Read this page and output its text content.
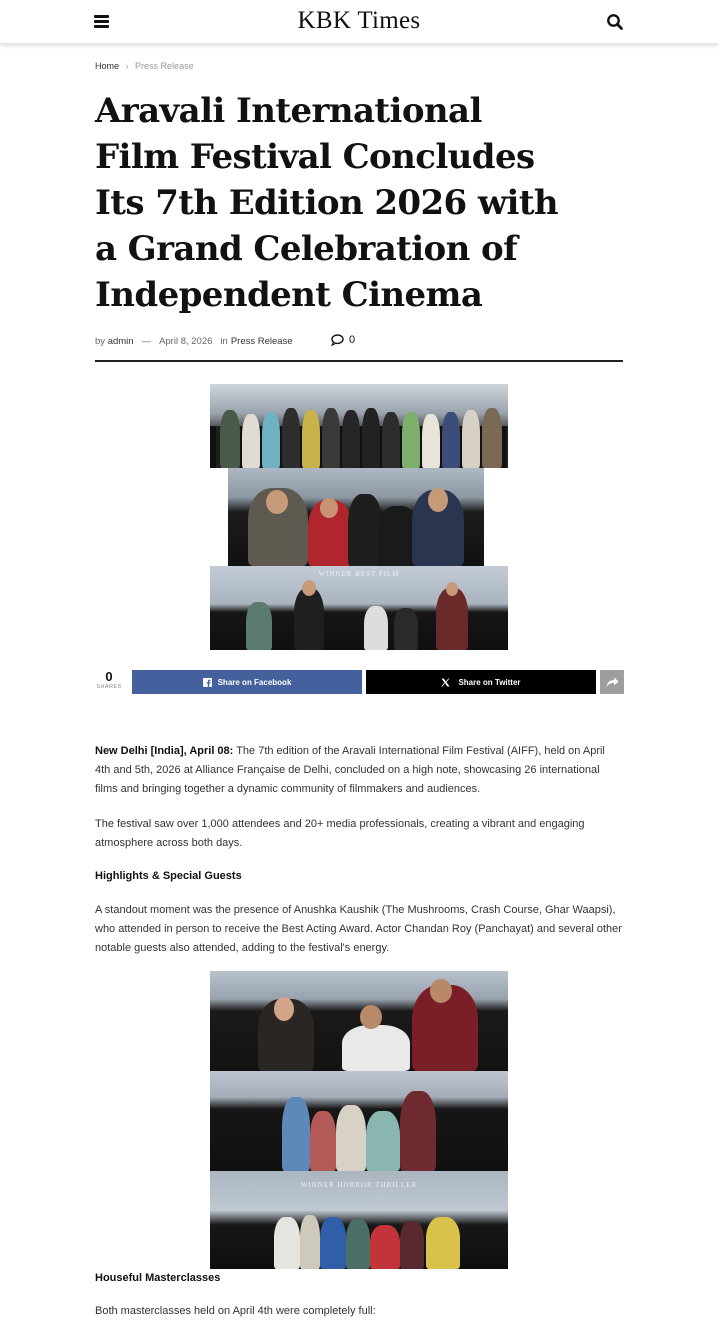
KBK Times
Home › Press Release
Aravali International Film Festival Concludes Its 7th Edition 2026 with a Grand Celebration of Independent Cinema
by
admin — April 8, 2026 in Press Release	0
WINNER BEST FILM
0
SHARES
Share on Facebook	Share on Twitter

New Delhi [India], April 08: The 7th edition of the Aravali International Film Festival (AIFF), held on April 4th and 5th, 2026 at Alliance Française de Delhi, concluded on a high note, showcasing 26 international films and bringing together a dynamic community of filmmakers and audiences.

The festival saw over 1,000 attendees and 20+ media professionals, creating a vibrant and engaging atmosphere across both days.

Highlights & Special Guests

A standout moment was the presence of Anushka Kaushik (The Mushrooms, Crash Course, Ghar Waapsi), who attended in person to receive the Best Acting Award. Actor Chandan Roy (Panchayat) and several other notable guests also attended, adding to the festival's energy.

WINNER HORROR THRILLER
Houseful Masterclasses

Both masterclasses held on April 4th were completely full:
